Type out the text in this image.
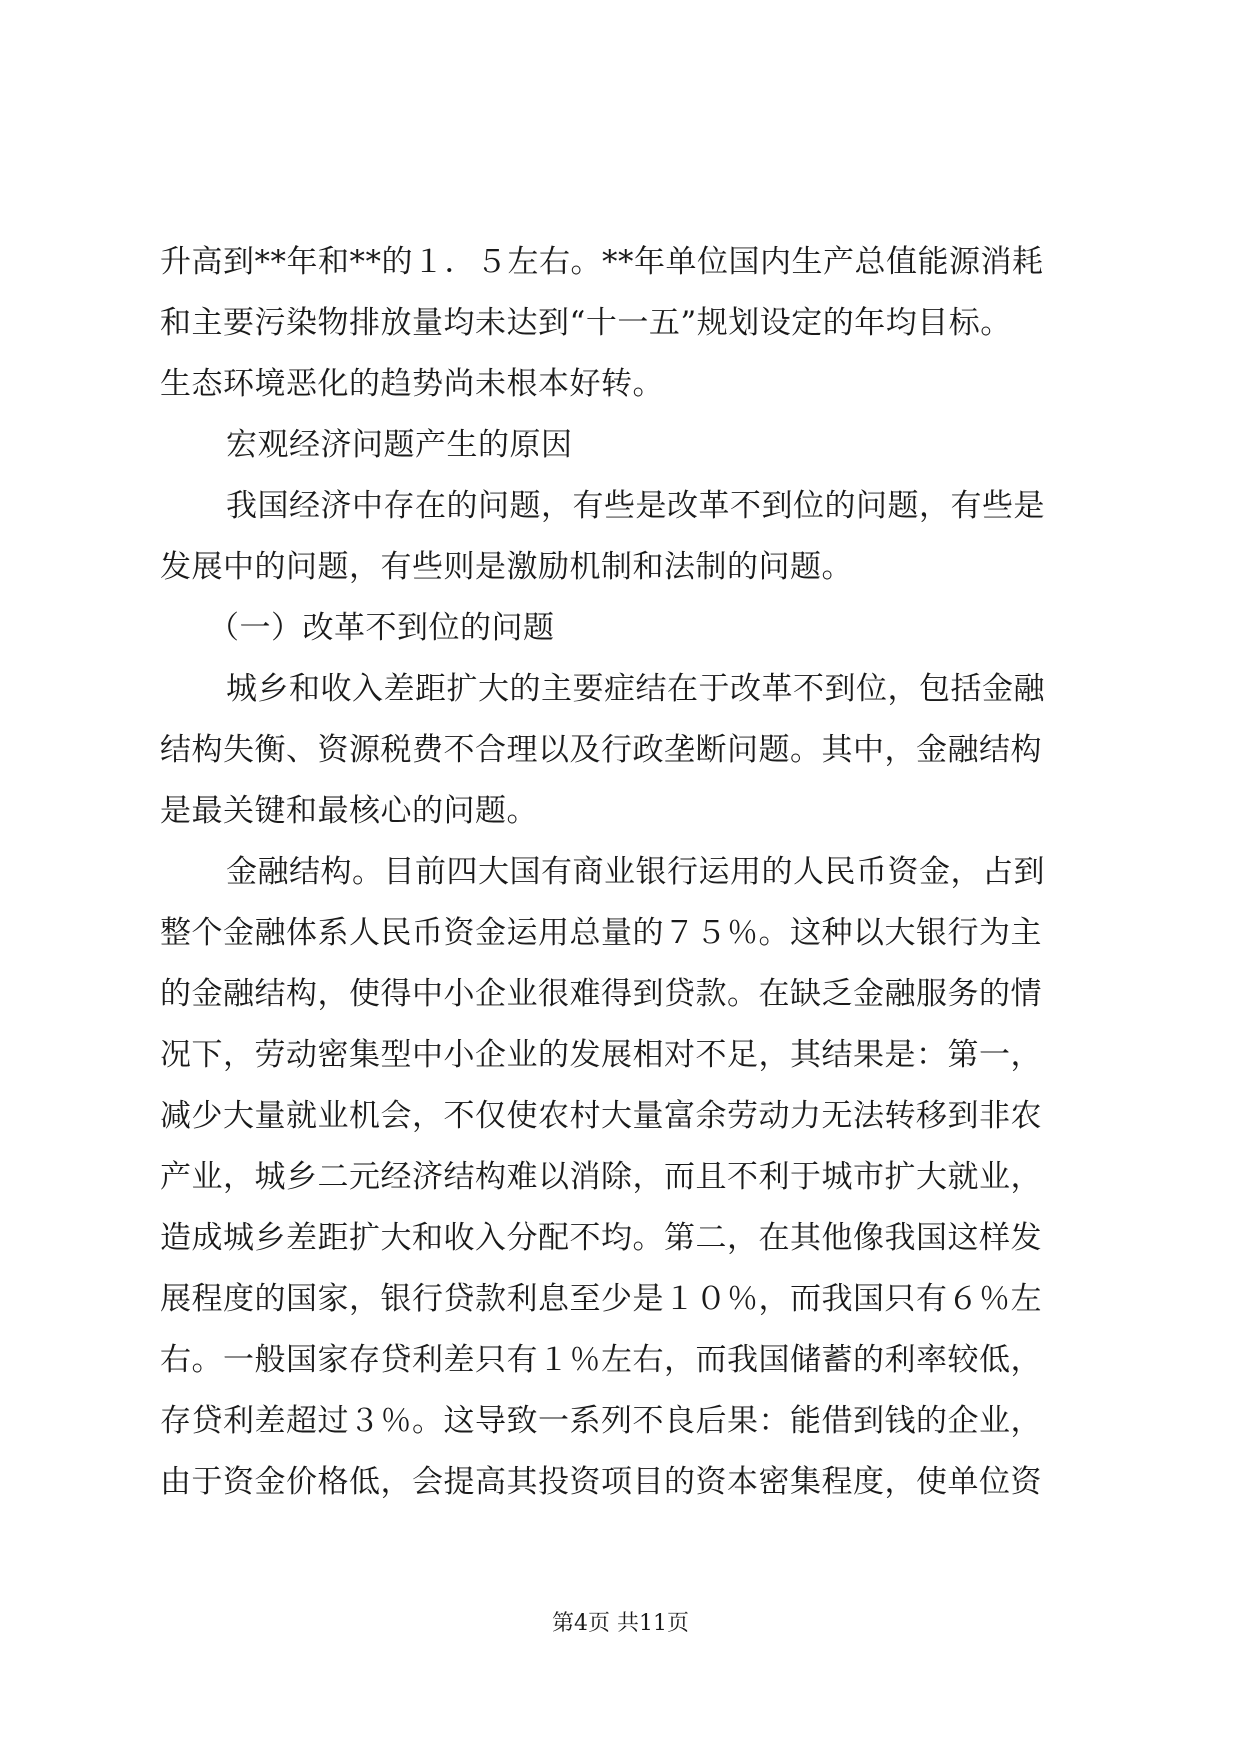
升高到**年和**的１．５左右。**年单位国内生产总值能源消耗
和主要污染物排放量均未达到“十一五”规划设定的年均目标。
生态环境恶化的趋势尚未根本好转。
宏观经济问题产生的原因
我国经济中存在的问题，有些是改革不到位的问题，有些是
发展中的问题，有些则是激励机制和法制的问题。
（一）改革不到位的问题
城乡和收入差距扩大的主要症结在于改革不到位，包括金融
结构失衡、资源税费不合理以及行政垄断问题。其中，金融结构
是最关键和最核心的问题。
金融结构。目前四大国有商业银行运用的人民币资金，占到
整个金融体系人民币资金运用总量的７５％。这种以大银行为主
的金融结构，使得中小企业很难得到贷款。在缺乏金融服务的情
况下，劳动密集型中小企业的发展相对不足，其结果是：第一，
减少大量就业机会，不仅使农村大量富余劳动力无法转移到非农
产业，城乡二元经济结构难以消除，而且不利于城市扩大就业，
造成城乡差距扩大和收入分配不均。第二，在其他像我国这样发
展程度的国家，银行贷款利息至少是１０％，而我国只有６％左
右。一般国家存贷利差只有１％左右，而我国储蓄的利率较低，
存贷利差超过３％。这导致一系列不良后果：能借到钱的企业，
由于资金价格低，会提高其投资项目的资本密集程度，使单位资
第4页 共11页
